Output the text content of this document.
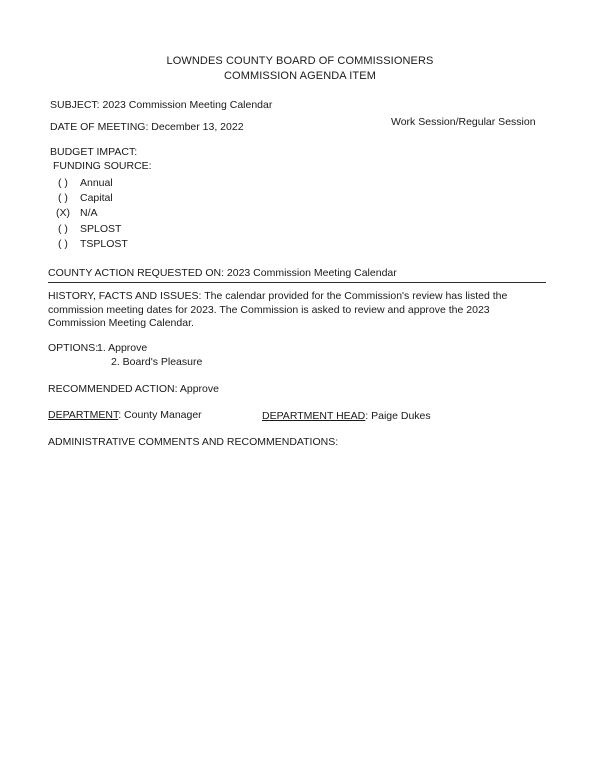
LOWNDES COUNTY BOARD OF COMMISSIONERS
COMMISSION AGENDA ITEM
SUBJECT: 2023 Commission Meeting Calendar
DATE OF MEETING: December 13, 2022	Work Session/Regular Session
BUDGET IMPACT:
FUNDING SOURCE:
( ) Annual
( ) Capital
(X) N/A
( ) SPLOST
( ) TSPLOST
COUNTY ACTION REQUESTED ON: 2023 Commission Meeting Calendar
HISTORY, FACTS AND ISSUES: The calendar provided for the Commission's review has listed the commission meeting dates for 2023. The Commission is asked to review and approve the 2023 Commission Meeting Calendar.
OPTIONS:
1. Approve
2. Board's Pleasure
RECOMMENDED ACTION: Approve
DEPARTMENT: County Manager	DEPARTMENT HEAD: Paige Dukes
ADMINISTRATIVE COMMENTS AND RECOMMENDATIONS:
